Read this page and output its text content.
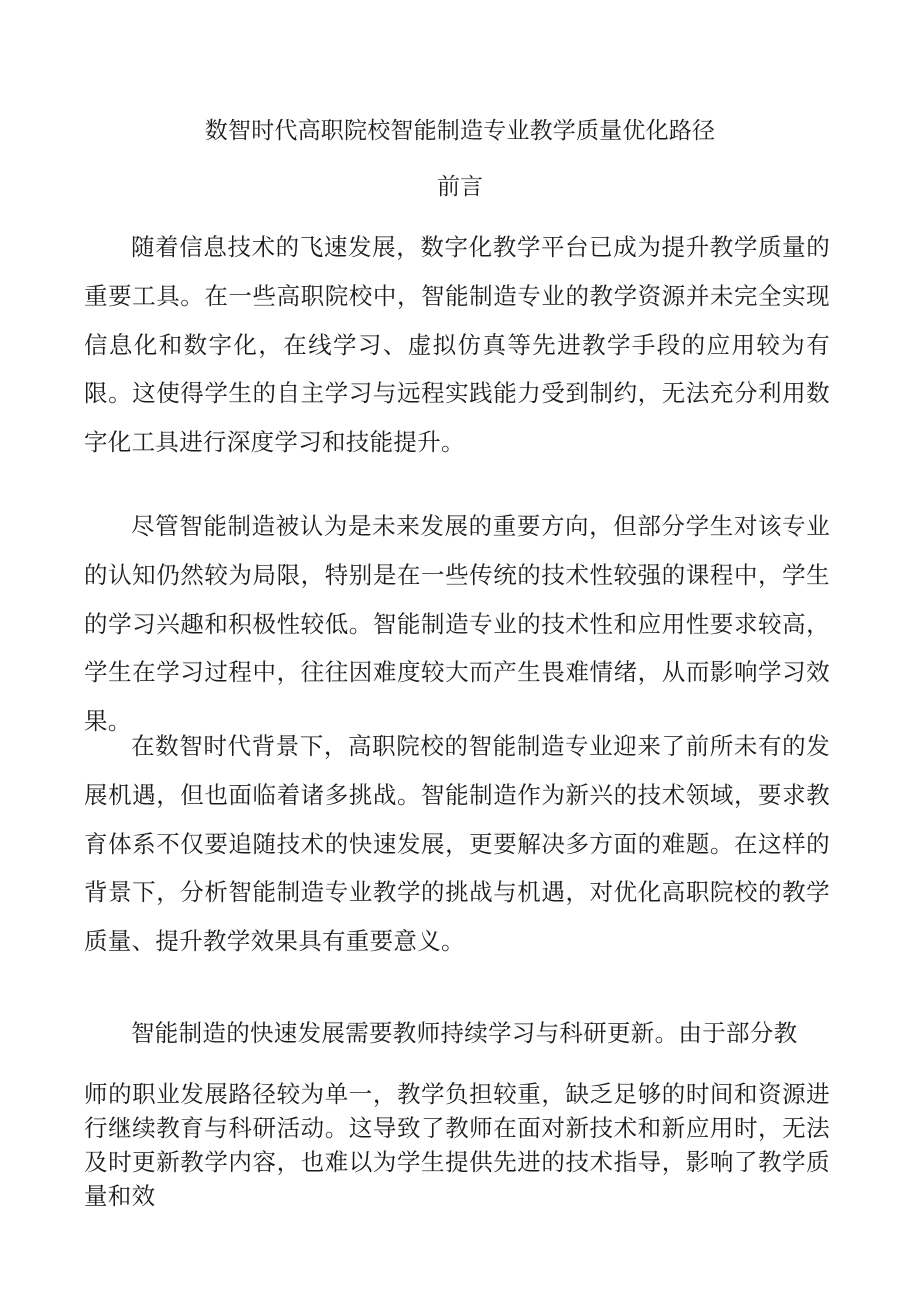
数智时代高职院校智能制造专业教学质量优化路径
前言

随着信息技术的飞速发展，数字化教学平台已成为提升教学质量的重要工具。在一些高职院校中，智能制造专业的教学资源并未完全实现信息化和数字化，在线学习、虚拟仿真等先进教学手段的应用较为有限。这使得学生的自主学习与远程实践能力受到制约，无法充分利用数字化工具进行深度学习和技能提升。

尽管智能制造被认为是未来发展的重要方向，但部分学生对该专业的认知仍然较为局限，特别是在一些传统的技术性较强的课程中，学生的学习兴趣和积极性较低。智能制造专业的技术性和应用性要求较高，学生在学习过程中，往往因难度较大而产生畏难情绪，从而影响学习效果。

在数智时代背景下，高职院校的智能制造专业迎来了前所未有的发展机遇，但也面临着诸多挑战。智能制造作为新兴的技术领域，要求教育体系不仅要追随技术的快速发展，更要解决多方面的难题。在这样的背景下，分析智能制造专业教学的挑战与机遇，对优化高职院校的教学质量、提升教学效果具有重要意义。

智能制造的快速发展需要教师持续学习与科研更新。由于部分教

师的职业发展路径较为单一，教学负担较重，缺乏足够的时间和资源进行继续教育与科研活动。这导致了教师在面对新技术和新应用时，无法及时更新教学内容，也难以为学生提供先进的技术指导，影响了教学质量和效
